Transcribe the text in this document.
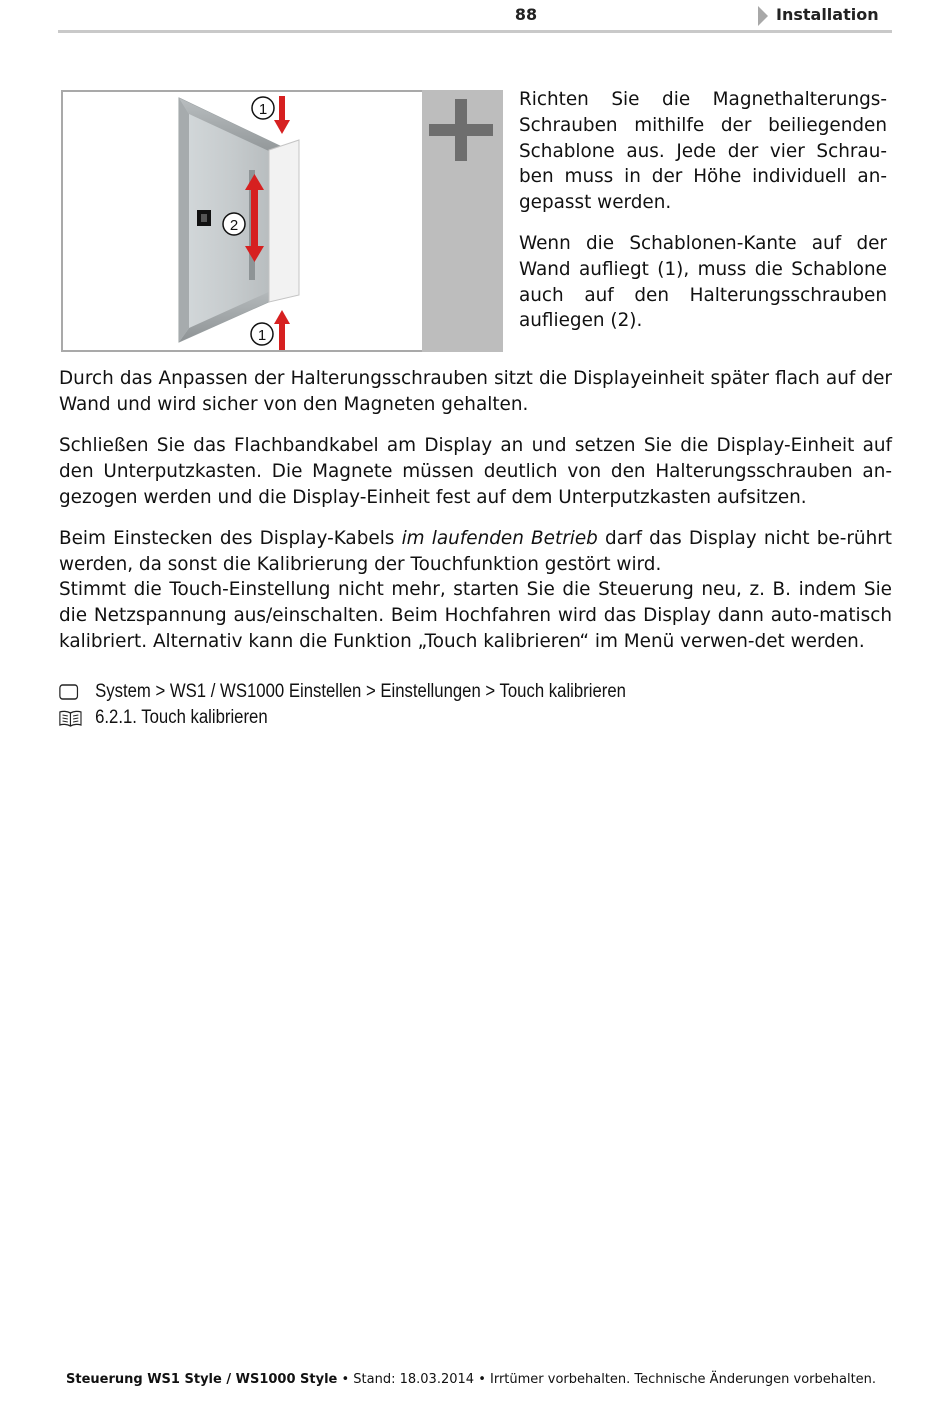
88	Installation
1
2
1

Richten Sie die Magnethalterungs-Schrauben mithilfe der beiliegenden Schablone aus. Jede der vier Schrau-ben muss in der Höhe individuell an-gepasst werden.

Wenn die Schablonen-Kante auf der Wand aufliegt (1), muss die Schablone auch auf den Halterungsschrauben aufliegen (2).

Durch das Anpassen der Halterungsschrauben sitzt die Displayeinheit später flach auf der Wand und wird sicher von den Magneten gehalten.

Schließen Sie das Flachbandkabel am Display an und setzen Sie die Display-Einheit auf den Unterputzkasten. Die Magnete müssen deutlich von den Halterungsschrauben an-gezogen werden und die Display-Einheit fest auf dem Unterputzkasten aufsitzen.

Beim Einstecken des Display-Kabels im laufenden Betrieb darf das Display nicht be-rührt werden, da sonst die Kalibrierung der Touchfunktion gestört wird.

Stimmt die Touch-Einstellung nicht mehr, starten Sie die Steuerung neu, z. B. indem Sie die Netzspannung aus/einschalten. Beim Hochfahren wird das Display dann auto-matisch kalibriert. Alternativ kann die Funktion „Touch kalibrieren“ im Menü verwen-det werden.

System > WS1 / WS1000 Einstellen > Einstellungen > Touch kalibrieren
6.2.1. Touch kalibrieren
Steuerung WS1 Style / WS1000 Style • Stand: 18.03.2014 • Irrtümer vorbehalten. Technische Änderungen vorbehalten.
